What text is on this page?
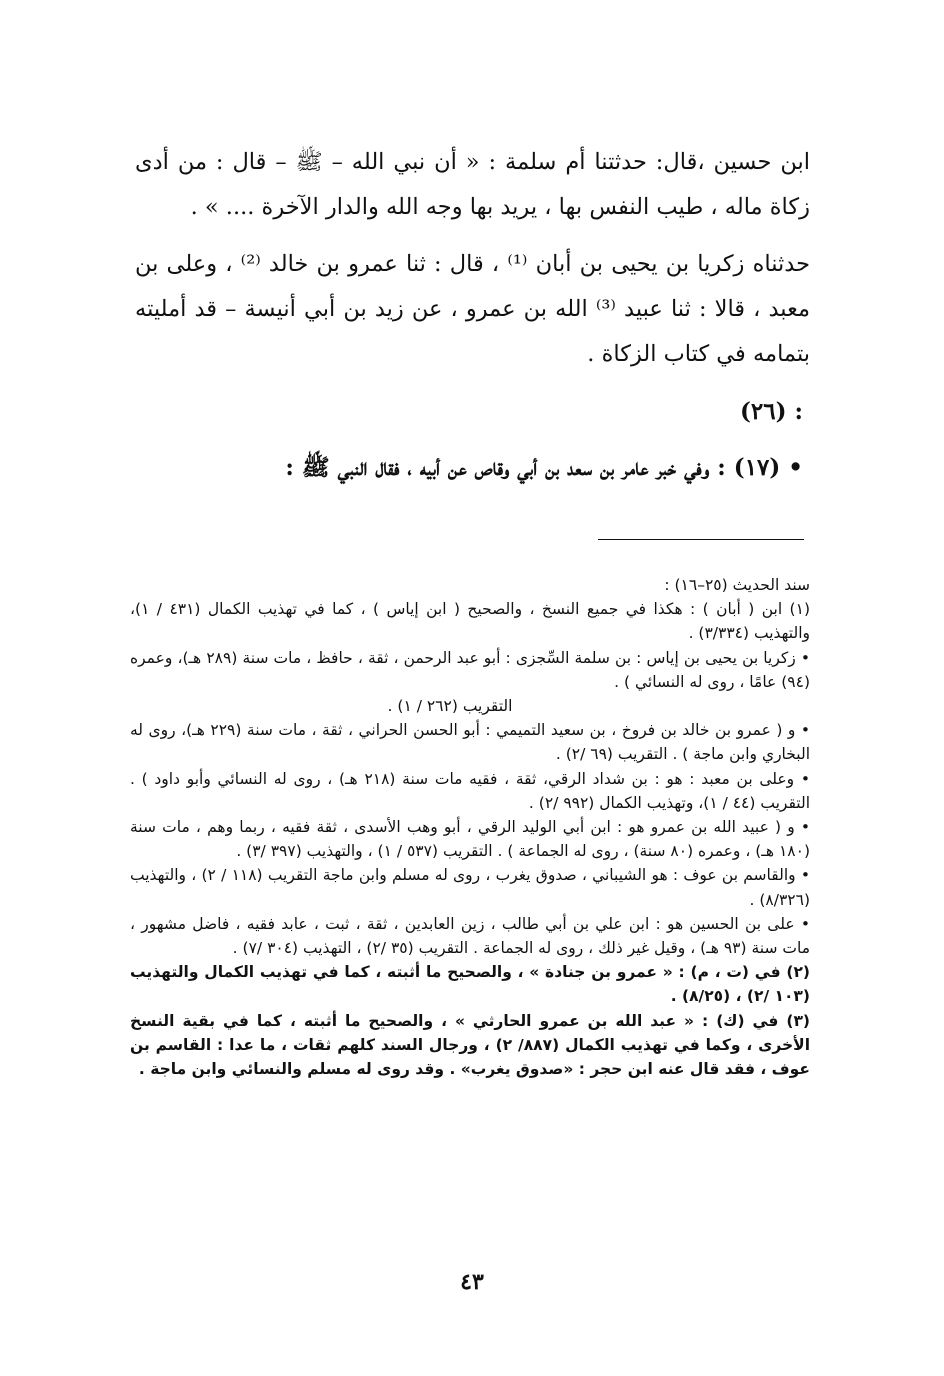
ابن حسين ،قال: حدثتنا أم سلمة : « أن نبي الله – ﷺ – قال : من أدى زكاة ماله ، طيب النفس بها ، يريد بها وجه الله والدار الآخرة .... » .

حدثناه زكريا بن يحيى بن أبان ⁽¹⁾ ، قال : ثنا عمرو بن خالد ⁽²⁾ ، وعلى بن معبد ، قالا : ثنا عبيد ⁽³⁾ الله بن عمرو ، عن زيد بن أبي أنيسة – قد أمليته بتمامه في كتاب الزكاة .

: (٢٦)
• (١٧) : وفي خبر عامر بن سعد بن أبي وقاص عن أبيه ، فقال النبي ﷺ :

سند الحديث (٢٥–١٦) :

(١) ابن ( أبان ) : هكذا في جميع النسخ ، والصحيح ( ابن إياس ) ، كما في تهذيب الكمال (٤٣١ / ١)، والتهذيب (٣/٣٣٤) .

• زكريا بن يحيى بن إياس : بن سلمة السِّجزى : أبو عبد الرحمن ، ثقة ، حافظ ، مات سنة (٢٨٩ هـ)، وعمره (٩٤) عامًا ، روى له النسائي ) .

التقريب (٢٦٢ / ١) .

• و ( عمرو بن خالد بن فروخ ، بن سعيد التميمي : أبو الحسن الحراني ، ثقة ، مات سنة (٢٢٩ هـ)، روى له البخاري وابن ماجة ) . التقريب (٦٩ /٢) .

• وعلى بن معبد : هو : بن شداد الرقي، ثقة ، فقيه مات سنة (٢١٨ هـ) ، روى له النسائي وأبو داود ) . التقريب (٤٤ / ١)، وتهذيب الكمال (٩٩٢ /٢) .

• و ( عبيد الله بن عمرو هو : ابن أبي الوليد الرقي ، أبو وهب الأسدى ، ثقة فقيه ، ربما وهم ، مات سنة (١٨٠ هـ) ، وعمره (٨٠ سنة) ، روى له الجماعة ) . التقريب (٥٣٧ / ١) ، والتهذيب (٣٩٧ /٣) .

• والقاسم بن عوف : هو الشيباني ، صدوق يغرب ، روى له مسلم وابن ماجة التقريب (١١٨ / ٢) ، والتهذيب (٨/٣٢٦) .

• على بن الحسين هو : ابن علي بن أبي طالب ، زين العابدين ، ثقة ، ثبت ، عابد فقيه ، فاضل مشهور ، مات سنة (٩٣ هـ) ، وقيل غير ذلك ، روى له الجماعة . التقريب (٣٥ /٢) ، التهذيب (٣٠٤ /٧) .

(٢) في (ت ، م) : « عمرو بن جنادة » ، والصحيح ما أثبته ، كما في تهذيب الكمال والتهذيب (١٠٣ /٢) ، (٨/٢٥) .

(٣) في (ك) : « عبد الله بن عمرو الحارثي » ، والصحيح ما أثبته ، كما في بقية النسخ الأخرى ، وكما في تهذيب الكمال (٨٨٧/ ٢) ، ورجال السند كلهم ثقات ، ما عدا : القاسم بن عوف ، فقد قال عنه ابن حجر : «صدوق يغرب» . وقد روى له مسلم والنسائي وابن ماجة .

٤٣
